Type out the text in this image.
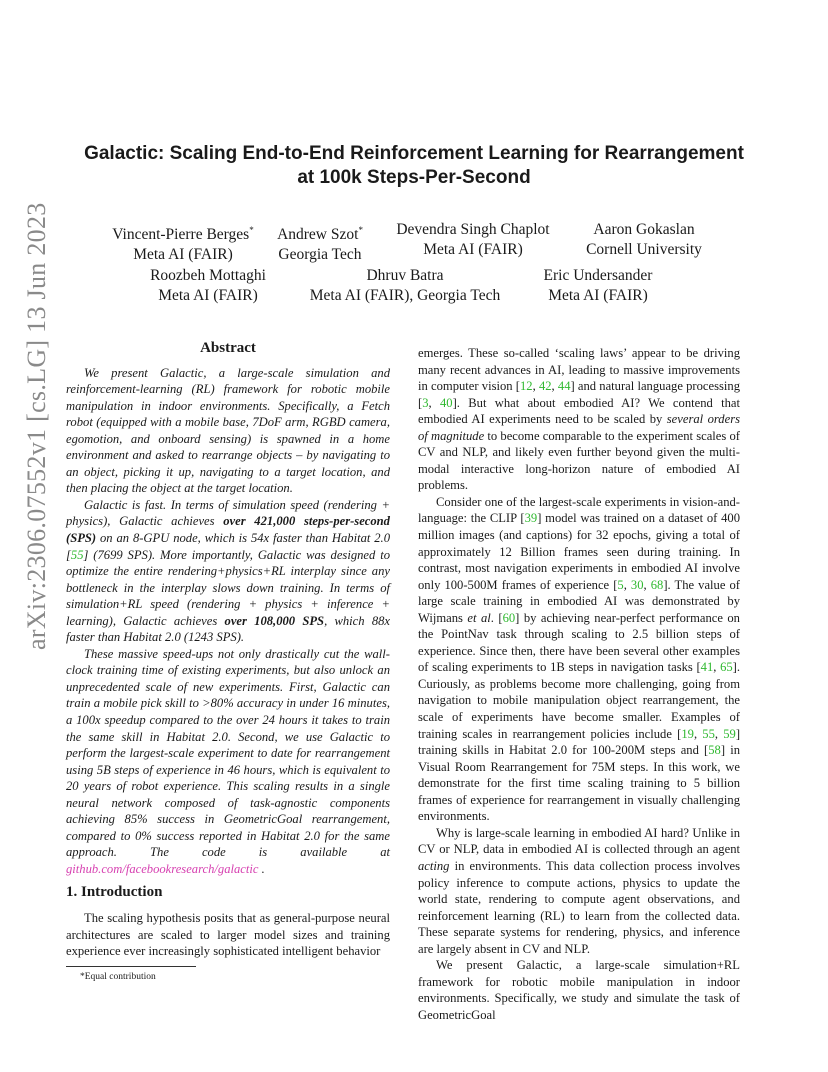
arXiv:2306.07552v1 [cs.LG] 13 Jun 2023
Galactic: Scaling End-to-End Reinforcement Learning for Rearrangement
at 100k Steps-Per-Second
Vincent-Pierre Berges*
Meta AI (FAIR)
Andrew Szot*
Georgia Tech
Devendra Singh Chaplot
Meta AI (FAIR)
Aaron Gokaslan
Cornell University
Roozbeh Mottaghi
Meta AI (FAIR)
Dhruv Batra
Meta AI (FAIR), Georgia Tech
Eric Undersander
Meta AI (FAIR)
Abstract

We present Galactic, a large-scale simulation and reinforcement-learning (RL) framework for robotic mobile manipulation in indoor environments. Specifically, a Fetch robot (equipped with a mobile base, 7DoF arm, RGBD camera, egomotion, and onboard sensing) is spawned in a home environment and asked to rearrange objects – by navigating to an object, picking it up, navigating to a target location, and then placing the object at the target location.

Galactic is fast. In terms of simulation speed (rendering + physics), Galactic achieves over 421,000 steps-per-second (SPS) on an 8-GPU node, which is 54x faster than Habitat 2.0 [55] (7699 SPS). More importantly, Galactic was designed to optimize the entire rendering+physics+RL interplay since any bottleneck in the interplay slows down training. In terms of simulation+RL speed (rendering + physics + inference + learning), Galactic achieves over 108,000 SPS, which 88x faster than Habitat 2.0 (1243 SPS).

These massive speed-ups not only drastically cut the wall-clock training time of existing experiments, but also unlock an unprecedented scale of new experiments. First, Galactic can train a mobile pick skill to >80% accuracy in under 16 minutes, a 100x speedup compared to the over 24 hours it takes to train the same skill in Habitat 2.0. Second, we use Galactic to perform the largest-scale experiment to date for rearrangement using 5B steps of experience in 46 hours, which is equivalent to 20 years of robot experience. This scaling results in a single neural network composed of task-agnostic components achieving 85% success in GeometricGoal rearrangement, compared to 0% success reported in Habitat 2.0 for the same approach. The code is available at github.com/facebookresearch/galactic .

1. Introduction

The scaling hypothesis posits that as general-purpose neural architectures are scaled to larger model sizes and training experience ever increasingly sophisticated intelligent behavior

*Equal contribution

emerges. These so-called ‘scaling laws’ appear to be driving many recent advances in AI, leading to massive improvements in computer vision [12, 42, 44] and natural language processing [3, 40]. But what about embodied AI? We contend that embodied AI experiments need to be scaled by several orders of magnitude to become comparable to the experiment scales of CV and NLP, and likely even further beyond given the multi-modal interactive long-horizon nature of embodied AI problems.

Consider one of the largest-scale experiments in vision-and-language: the CLIP [39] model was trained on a dataset of 400 million images (and captions) for 32 epochs, giving a total of approximately 12 Billion frames seen during training. In contrast, most navigation experiments in embodied AI involve only 100-500M frames of experience [5, 30, 68]. The value of large scale training in embodied AI was demonstrated by Wijmans et al. [60] by achieving near-perfect performance on the PointNav task through scaling to 2.5 billion steps of experience. Since then, there have been several other examples of scaling experiments to 1B steps in navigation tasks [41, 65]. Curiously, as problems become more challenging, going from navigation to mobile manipulation object rearrangement, the scale of experiments have become smaller. Examples of training scales in rearrangement policies include [19, 55, 59] training skills in Habitat 2.0 for 100-200M steps and [58] in Visual Room Rearrangement for 75M steps. In this work, we demonstrate for the first time scaling training to 5 billion frames of experience for rearrangement in visually challenging environments.

Why is large-scale learning in embodied AI hard? Unlike in CV or NLP, data in embodied AI is collected through an agent acting in environments. This data collection process involves policy inference to compute actions, physics to update the world state, rendering to compute agent observations, and reinforcement learning (RL) to learn from the collected data. These separate systems for rendering, physics, and inference are largely absent in CV and NLP.

We present Galactic, a large-scale simulation+RL framework for robotic mobile manipulation in indoor environments. Specifically, we study and simulate the task of GeometricGoal
